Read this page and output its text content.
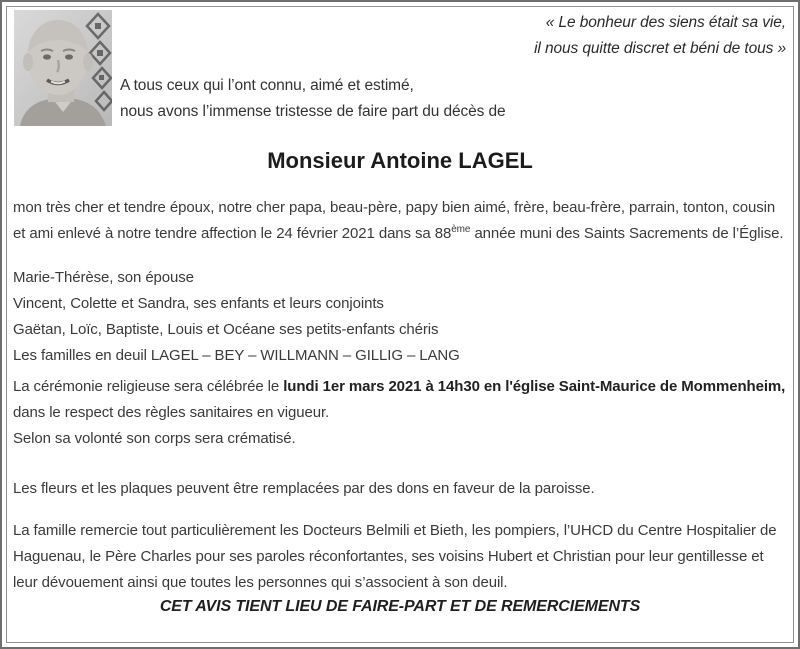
« Le bonheur des siens était sa vie,
il nous quitte discret et béni de tous »
A tous ceux qui l’ont connu, aimé et estimé,
nous avons l’immense tristesse de faire part du décès de
Monsieur Antoine LAGEL

mon très cher et tendre époux, notre cher papa, beau-père, papy bien aimé, frère, beau-frère, parrain, tonton, cousin et ami enlevé à notre tendre affection le 24 février 2021 dans sa 88ème année muni des Saints Sacrements de l’Église.

Marie-Thérèse, son épouse
Vincent, Colette et Sandra, ses enfants et leurs conjoints
Gaëtan, Loïc, Baptiste, Louis et Océane ses petits-enfants chéris
Les familles en deuil LAGEL – BEY – WILLMANN – GILLIG – LANG
La cérémonie religieuse sera célébrée le lundi 1er mars 2021 à 14h30 en l'église Saint-Maurice de Mommenheim, dans le respect des règles sanitaires en vigueur.
Selon sa volonté son corps sera crématisé.

Les fleurs et les plaques peuvent être remplacées par des dons en faveur de la paroisse.

La famille remercie tout particulièrement les Docteurs Belmili et Bieth, les pompiers, l’UHCD du Centre Hospitalier de Haguenau, le Père Charles pour ses paroles réconfortantes, ses voisins Hubert et Christian pour leur gentillesse et leur dévouement ainsi que toutes les personnes qui s’associent à son deuil.

CET AVIS TIENT LIEU DE FAIRE-PART ET DE REMERCIEMENTS
